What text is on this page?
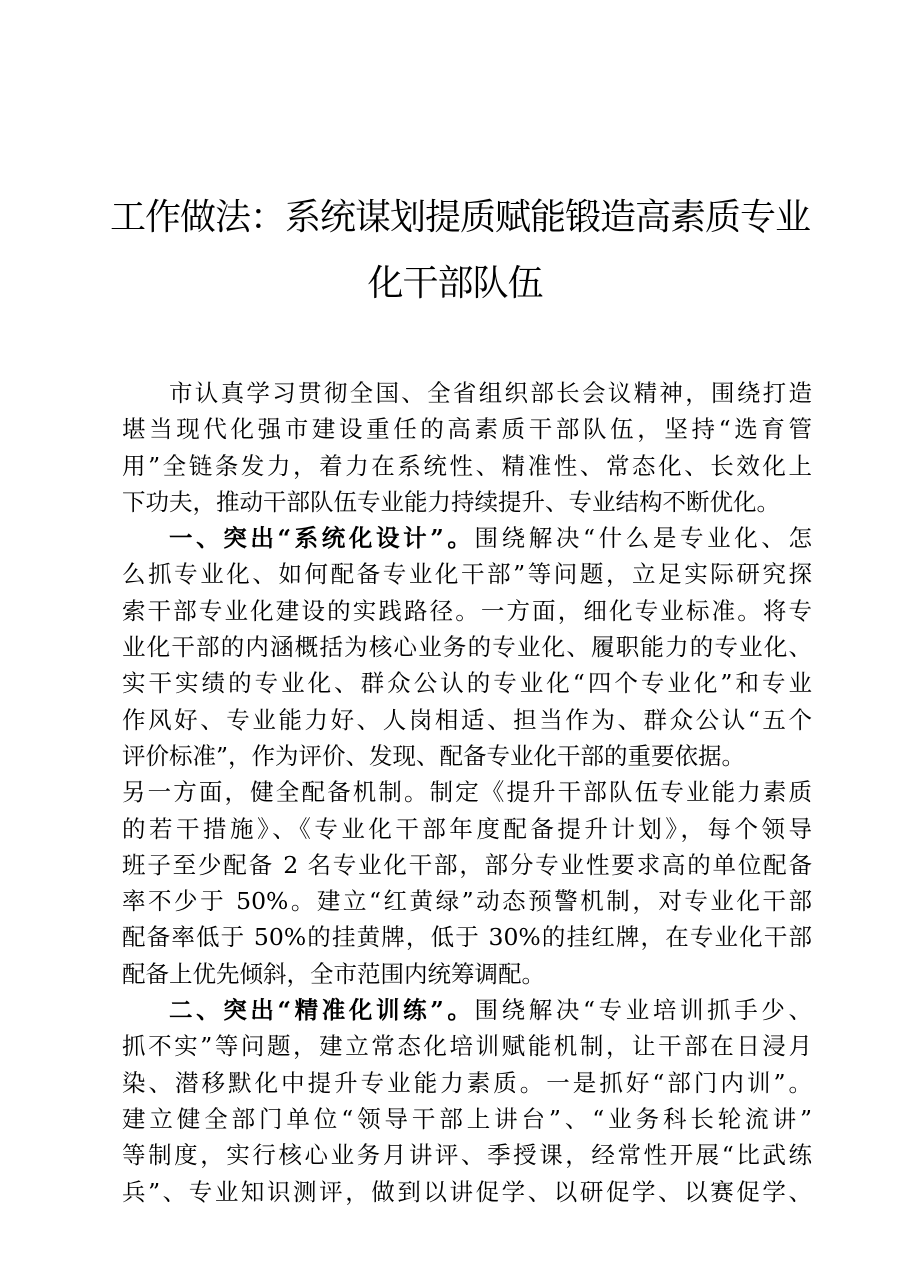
工作做法：系统谋划提质赋能锻造高素质专业
化干部队伍
市认真学习贯彻全国、全省组织部长会议精神，围绕打造
堪当现代化强市建设重任的高素质干部队伍，坚持“选育管
用”全链条发力，着力在系统性、精准性、常态化、长效化上
下功夫，推动干部队伍专业能力持续提升、专业结构不断优化。
一、突出“系统化设计”。围绕解决“什么是专业化、怎
么抓专业化、如何配备专业化干部”等问题，立足实际研究探
索干部专业化建设的实践路径。一方面，细化专业标准。将专
业化干部的内涵概括为核心业务的专业化、履职能力的专业化、
实干实绩的专业化、群众公认的专业化“四个专业化”和专业
作风好、专业能力好、人岗相适、担当作为、群众公认“五个
评价标准”，作为评价、发现、配备专业化干部的重要依据。
另一方面，健全配备机制。制定《提升干部队伍专业能力素质
的若干措施》、《专业化干部年度配备提升计划》，每个领导
班子至少配备 2 名专业化干部，部分专业性要求高的单位配备
率不少于 50%。建立“红黄绿”动态预警机制，对专业化干部
配备率低于 50%的挂黄牌，低于 30%的挂红牌，在专业化干部
配备上优先倾斜，全市范围内统筹调配。
二、突出“精准化训练”。围绕解决“专业培训抓手少、
抓不实”等问题，建立常态化培训赋能机制，让干部在日浸月
染、潜移默化中提升专业能力素质。一是抓好“部门内训”。
建立健全部门单位“领导干部上讲台”、“业务科长轮流讲”
等制度，实行核心业务月讲评、季授课，经常性开展“比武练
兵”、专业知识测评，做到以讲促学、以研促学、以赛促学、
